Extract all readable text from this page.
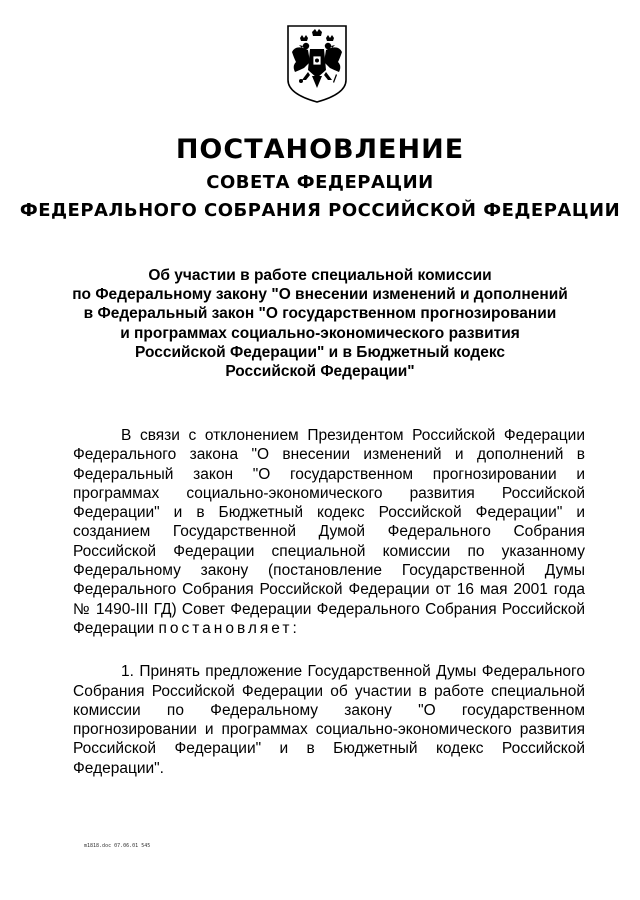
ПОСТАНОВЛЕНИЕ
СОВЕТА ФЕДЕРАЦИИ
ФЕДЕРАЛЬНОГО СОБРАНИЯ РОССИЙСКОЙ ФЕДЕРАЦИИ
Об участии в работе специальной комиссии
по Федеральному закону "О внесении изменений и дополнений
в Федеральный закон "О государственном прогнозировании
и программах социально-экономического развития
Российской Федерации" и в Бюджетный кодекс
Российской Федерации"

В связи с отклонением Президентом Российской Федерации Федерального закона "О внесении изменений и дополнений в Федеральный закон "О государственном прогнозировании и программах социально-экономического развития Российской Федерации" и в Бюджетный кодекс Российской Федерации" и созданием Государственной Думой Федерального Собрания Российской Федерации специальной комиссии по указанному Федеральному закону (постановление Государственной Думы Федерального Собрания Российской Федерации от 16 мая 2001 года № 1490-III ГД) Совет Федерации Федерального Собрания Российской Федерации постановляет:

1. Принять предложение Государственной Думы Федерального Собрания Российской Федерации об участии в работе специальной комиссии по Федеральному закону "О государственном прогнозировании и программах социально-экономического развития Российской Федерации" и в Бюджетный кодекс Российской Федерации".

m1818.doc 07.06.01 545
